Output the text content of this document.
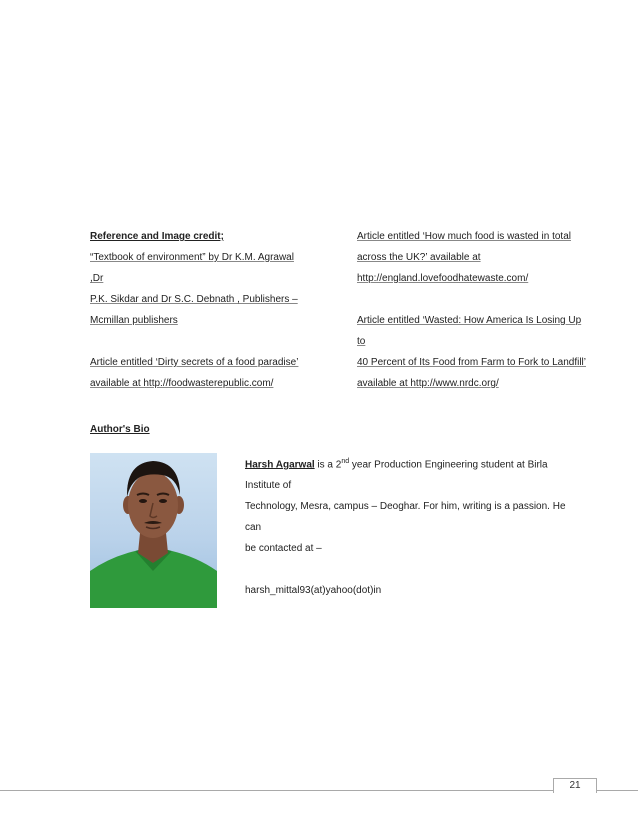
Reference and Image credit;

“Textbook of environment” by Dr K.M. Agrawal ,Dr

P.K. Sikdar and Dr S.C. Debnath , Publishers –

Mcmillan publishers

Article entitled ‘Dirty secrets of a food paradise’

available at http://foodwasterepublic.com/

Article entitled ‘How much food is wasted in total

across the UK?’ available at

http://england.lovefoodhatewaste.com/

Article entitled ‘Wasted: How America Is Losing Up to

40 Percent of Its Food from Farm to Fork to Landfill’

available at http://www.nrdc.org/

Author's Bio

Harsh Agarwal is a 2nd year Production Engineering student at Birla Institute of

Technology, Mesra, campus – Deoghar. For him, writing is a passion. He can

be contacted at –

harsh_mittal93(at)yahoo(dot)in

21
